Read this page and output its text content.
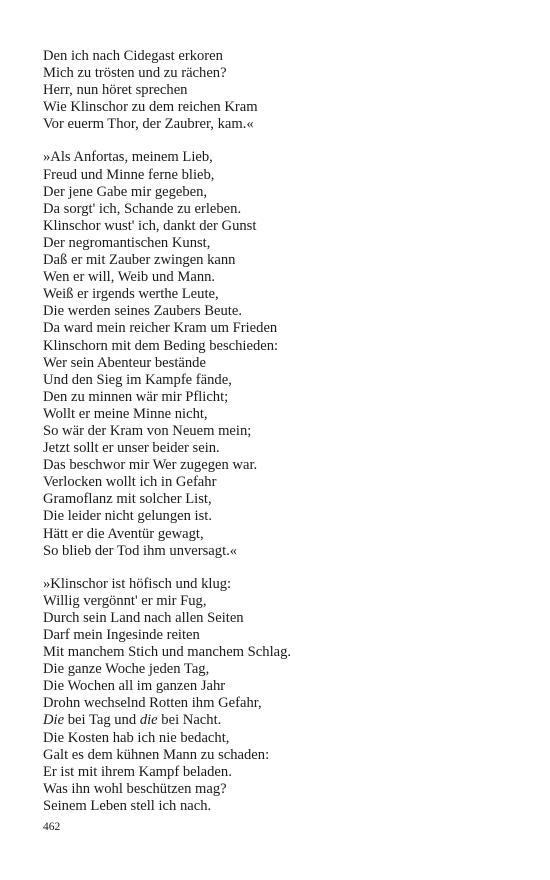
Den ich nach Cidegast erkoren
Mich zu trösten und zu rächen?
Herr, nun höret sprechen
Wie Klinschor zu dem reichen Kram
Vor euerm Thor, der Zaubrer, kam.«
»Als Anfortas, meinem Lieb,
Freud und Minne ferne blieb,
Der jene Gabe mir gegeben,
Da sorgt' ich, Schande zu erleben.
Klinschor wust' ich, dankt der Gunst
Der negromantischen Kunst,
Daß er mit Zauber zwingen kann
Wen er will, Weib und Mann.
Weiß er irgends werthe Leute,
Die werden seines Zaubers Beute.
Da ward mein reicher Kram um Frieden
Klinschorn mit dem Beding beschieden:
Wer sein Abenteur bestände
Und den Sieg im Kampfe fände,
Den zu minnen wär mir Pflicht;
Wollt er meine Minne nicht,
So wär der Kram von Neuem mein;
Jetzt sollt er unser beider sein.
Das beschwor mir Wer zugegen war.
Verlocken wollt ich in Gefahr
Gramoflanz mit solcher List,
Die leider nicht gelungen ist.
Hätt er die Aventür gewagt,
So blieb der Tod ihm unversagt.«
»Klinschor ist höfisch und klug:
Willig vergönnt' er mir Fug,
Durch sein Land nach allen Seiten
Darf mein Ingesinde reiten
Mit manchem Stich und manchem Schlag.
Die ganze Woche jeden Tag,
Die Wochen all im ganzen Jahr
Drohn wechselnd Rotten ihm Gefahr,
Die bei Tag und die bei Nacht.
Die Kosten hab ich nie bedacht,
Galt es dem kühnen Mann zu schaden:
Er ist mit ihrem Kampf beladen.
Was ihn wohl beschützen mag?
Seinem Leben stell ich nach.
462
